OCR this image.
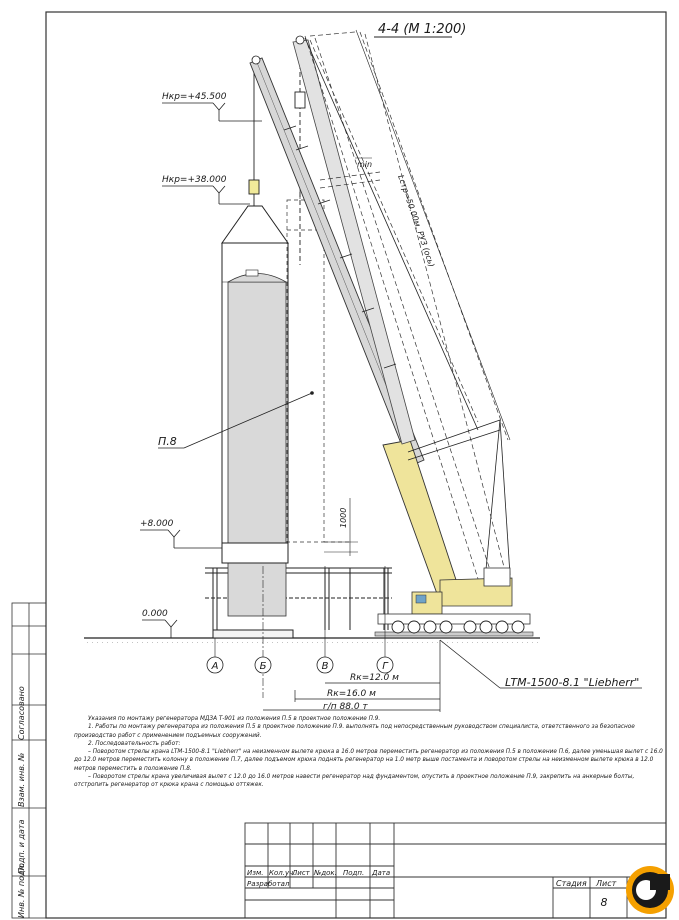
Согласовано
Взам. инв. №
Подп. и дата
Инв. № подл.
4-4 (М 1:200)
Lстр=50.00м, РУЗ (ось)
min
Нкр=+45.500
Нкр=+38.000
+8.000
0.000
1000
П.8
А	Б	В	Г
Rк=12.0 м
Rк=16.0 м
г/п 88.0 т
LTM-1500-8.1 "Liebherr"
Изм. Кол.уч.
Лист №док. Подп. Дата
Разработал	Стадия Лист
8

Указания по монтажу регенератора МДЗА Т-901 из положения П.5 в проектное положение П.9.

1. Работы по монтажу регенератора из положения П.5 в проектное положение П.9. выполнять под непосредственным руководством специалиста, ответственного за безопасное производство работ с применением подъемных сооружений.

2. Последовательность работ:

– Поворотом стрелы крана LTM-1500-8.1 "Liebherr" на неизменном вылете крюка в 16.0 метров переместить регенератор из положения П.5 в положение П.6, далее уменьшая вылет с 16.0 до 12.0 метров переместить колонну в положение П.7, далее подъемом крюка поднять регенератор на 1.0 метр выше постамента и поворотом стрелы на неизменном вылете крюка в 12.0 метров переместить в положение П.8.

– Поворотом стрелы крана увеличивая вылет с 12.0 до 16.0 метров навести регенератор над фундаментом, опустить в проектное положение П.9, закрепить на анкерные болты, отстропить регенератор от крюка крана с помощью оттяжек.
